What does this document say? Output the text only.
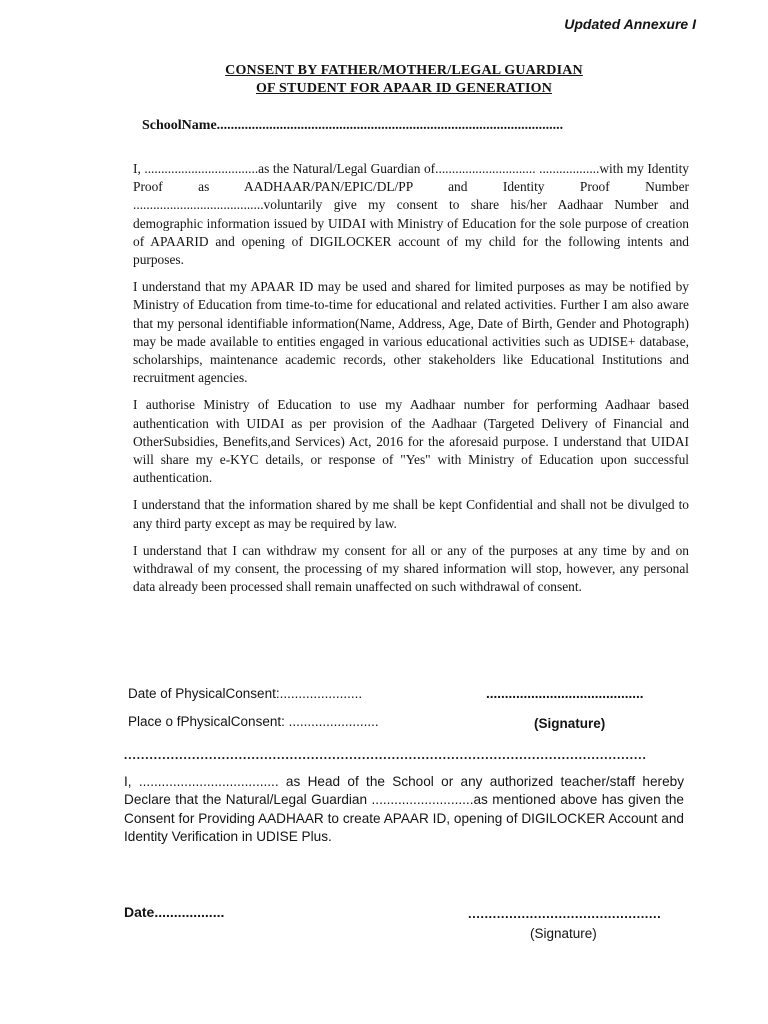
Updated Annexure I
CONSENT BY FATHER/MOTHER/LEGAL GUARDIAN
OF STUDENT FOR APAAR ID GENERATION
SchoolName...................................................................................................

I, ..................................as the Natural/Legal Guardian of.............................. ..................with my Identity Proof as AADHAAR/PAN/EPIC/DL/PP and Identity Proof Number .......................................voluntarily give my consent to share his/her Aadhaar Number and demographic information issued by UIDAI with Ministry of Education for the sole purpose of creation of APAARID and opening of DIGILOCKER account of my child for the following intents and purposes.

I understand that my APAAR ID may be used and shared for limited purposes as may be notified by Ministry of Education from time-to-time for educational and related activities. Further I am also aware that my personal identifiable information(Name, Address, Age, Date of Birth, Gender and Photograph) may be made available to entities engaged in various educational activities such as UDISE+ database, scholarships, maintenance academic records, other stakeholders like Educational Institutions and recruitment agencies.

I authorise Ministry of Education to use my Aadhaar number for performing Aadhaar based authentication with UIDAI as per provision of the Aadhaar (Targeted Delivery of Financial and OtherSubsidies, Benefits,and Services) Act, 2016 for the aforesaid purpose. I understand that UIDAI will share my e-KYC details, or response of "Yes" with Ministry of Education upon successful authentication.

I understand that the information shared by me shall be kept Confidential and shall not be divulged to any third party except as may be required by law.

I understand that I can withdraw my consent for all or any of the purposes at any time by and on withdrawal of my consent, the processing of my shared information will stop, however, any personal data already been processed shall remain unaffected on such withdrawal of consent.

Date of PhysicalConsent:......................	..........................................
Place o fPhysicalConsent: ........................	(Signature)
...........................................................................................................................
I, ..................................... as Head of the School or any authorized teacher/staff hereby Declare that the Natural/Legal Guardian ...........................as mentioned above has given the Consent for Providing AADHAAR to create APAAR ID, opening of DIGILOCKER Account and Identity Verification in UDISE Plus.
Date..................	...............................................
(Signature)
